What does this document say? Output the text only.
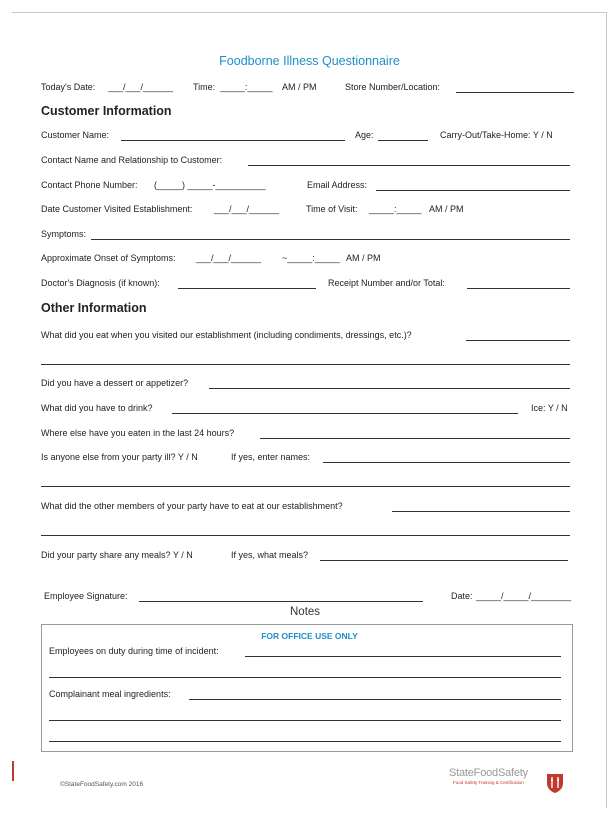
Foodborne Illness Questionnaire
Today's Date: ___/___/______ Time: _____:_____ AM / PM	Store Number/Location:
Customer Information
Customer Name:	Age:	Carry-Out/Take-Home: Y / N
Contact Name and Relationship to Customer:
Contact Phone Number: (_____) _____-__________	Email Address:
Date Customer Visited Establishment: ___/___/______	Time of Visit: _____:_____ AM / PM
Symptoms:
Approximate Onset of Symptoms: ___/___/______ ~_____:_____ AM / PM
Doctor's Diagnosis (if known):	Receipt Number and/or Total:
Other Information
What did you eat when you visited our establishment (including condiments, dressings, etc.)?
Did you have a dessert or appetizer?
What did you have to drink?	Ice: Y / N
Where else have you eaten in the last 24 hours?
Is anyone else from your party ill? Y / N	If yes, enter names:
What did the other members of your party have to eat at our establishment?
Did your party share any meals? Y / N	If yes, what meals?
Employee Signature:	Date: _____/_____/________
Notes
FOR OFFICE USE ONLY
Employees on duty during time of incident:
Complainant meal ingredients:
©StateFoodSafety.com 2016
StateFoodSafety
Food Safety Training & Certification
